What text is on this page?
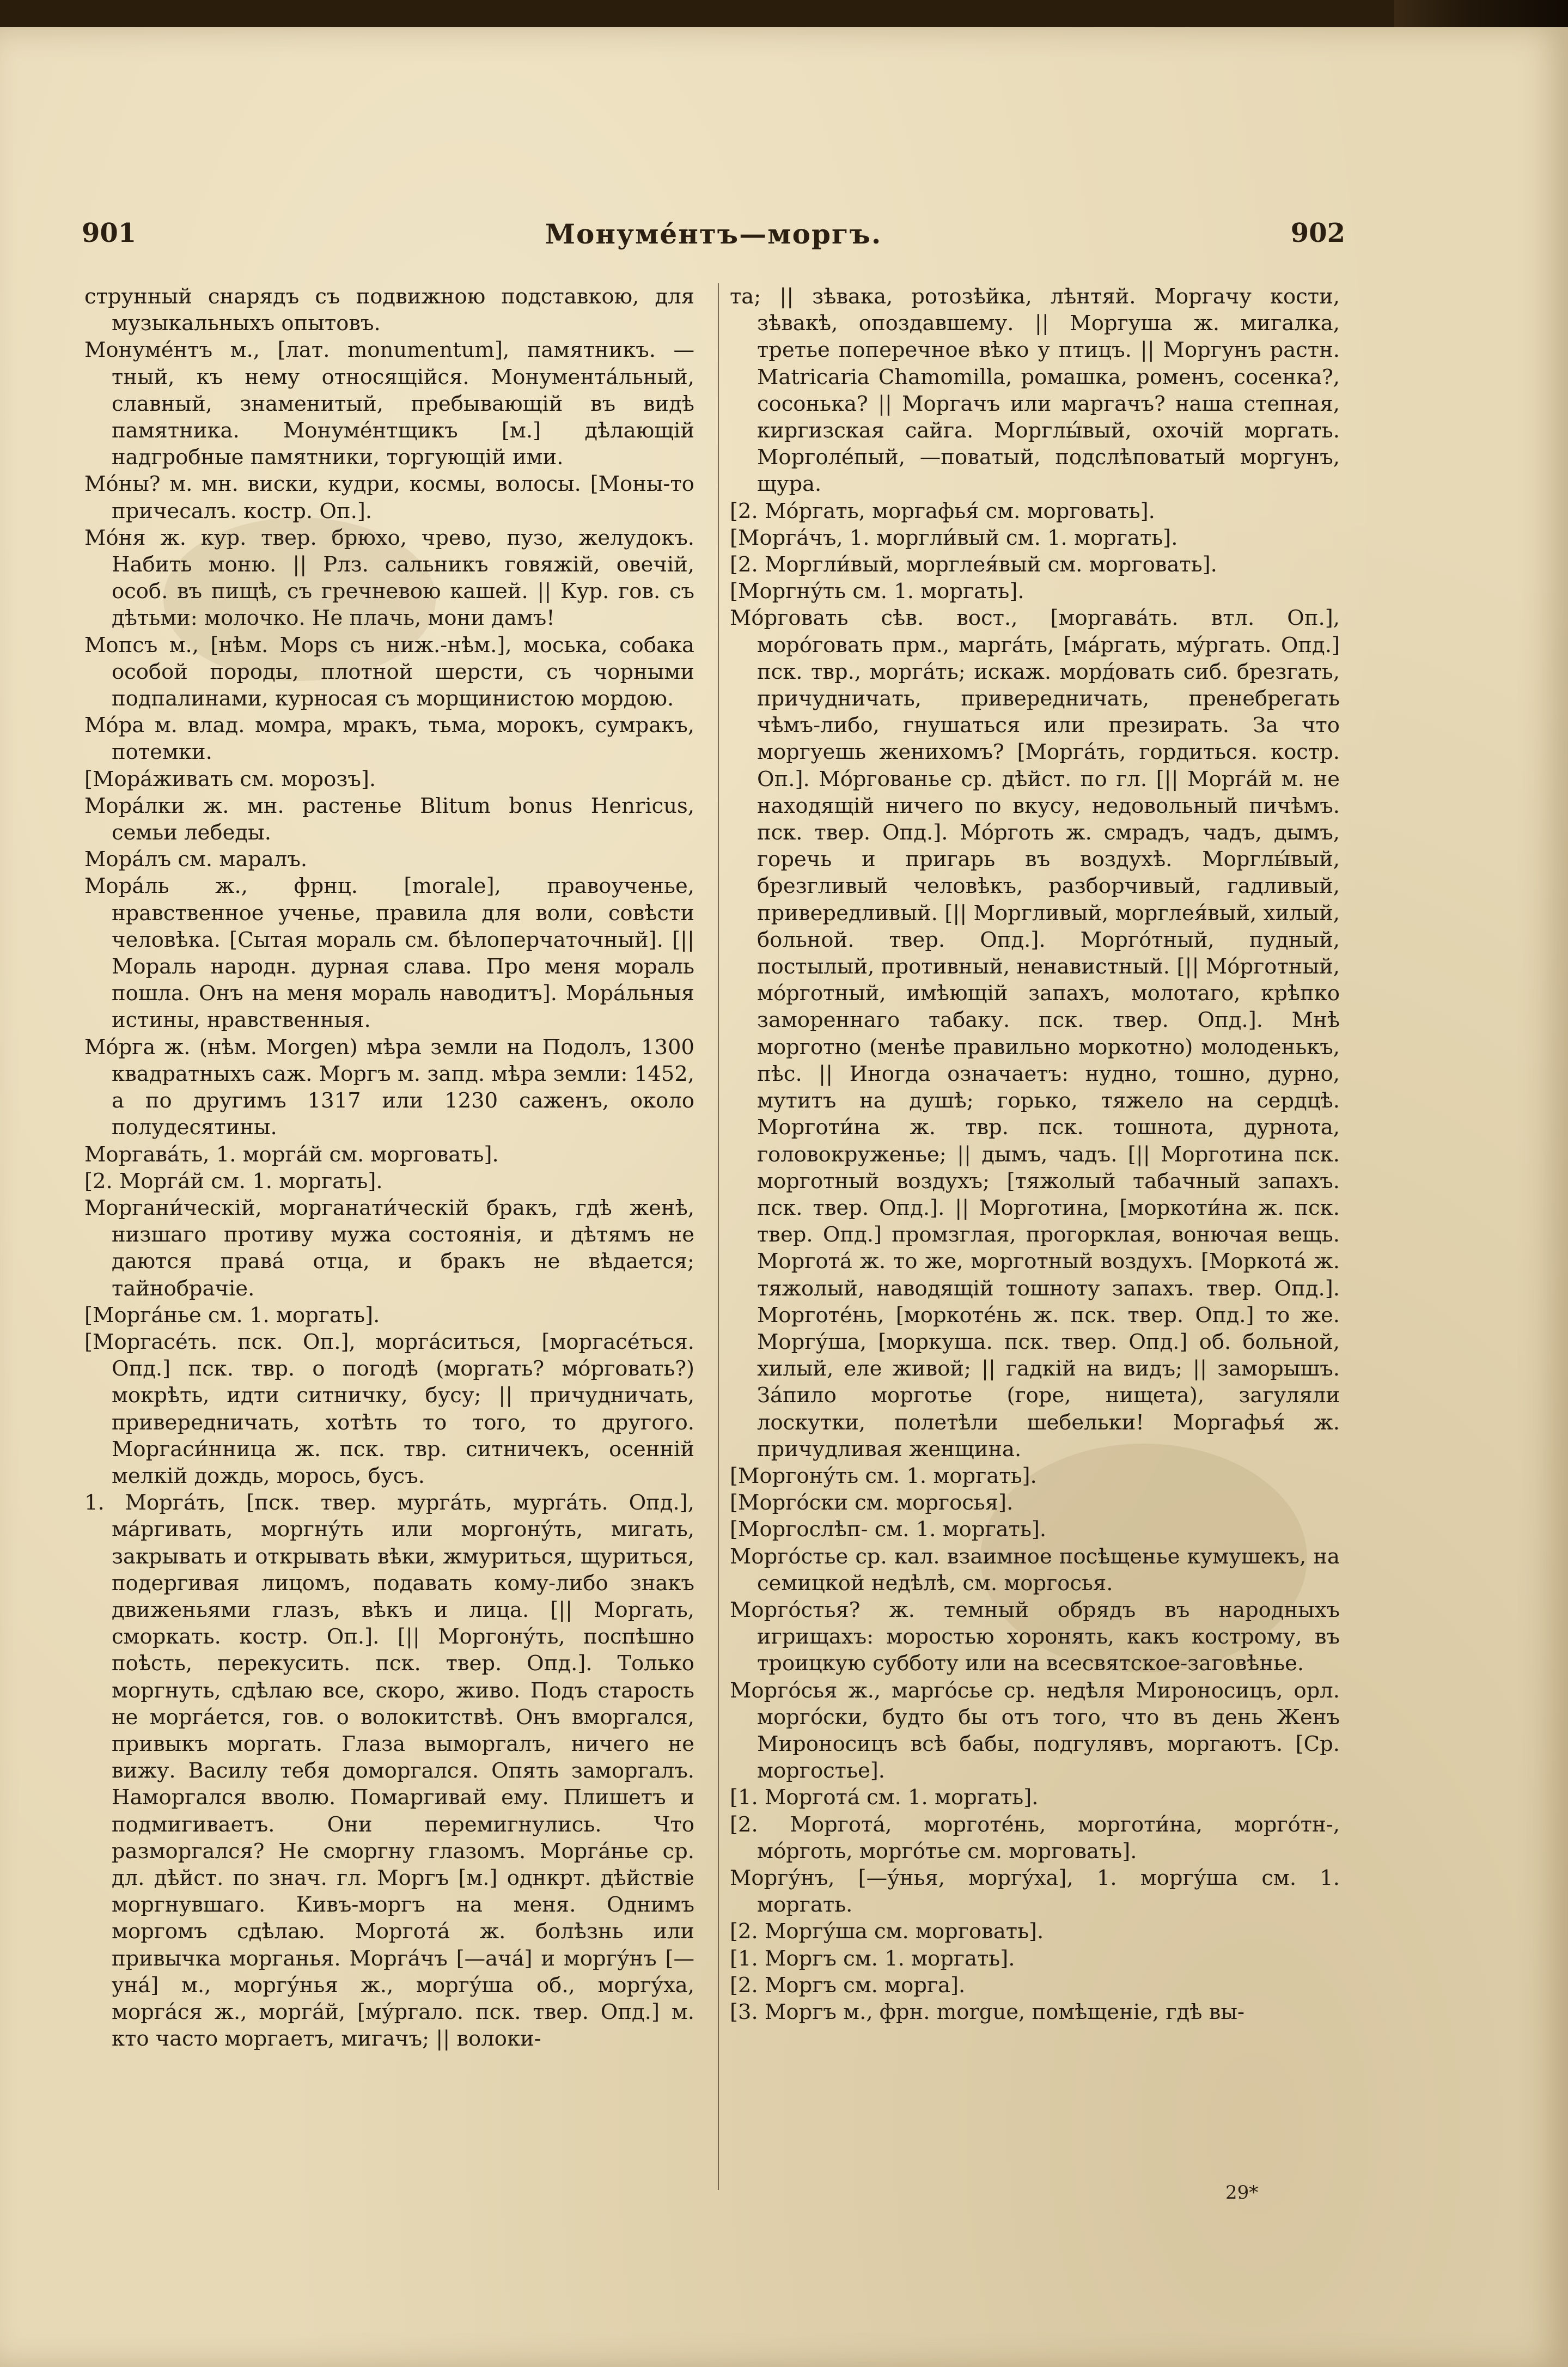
901	Монуме́нтъ—моргъ.	902

струнный снарядъ съ подвижною подставкою, для музыкальныхъ опытовъ.

Монуме́нтъ м., [лат. monumentum], памятникъ. —тный, къ нему относящійся. Монумента́льный, славный, знаменитый, пребывающій въ видѣ памятника. Монуме́нтщикъ [м.] дѣлающій надгробные памятники, торгующій ими.

Мо́ны? м. мн. виски, кудри, космы, волосы. [Моны-то причесалъ. костр. Оп.].

Мо́ня ж. кур. твер. брюхо, чрево, пузо, желудокъ. Набить моню. || Рлз. сальникъ говяжій, овечій, особ. въ пищѣ, съ гречневою кашей. || Кур. гов. съ дѣтьми: молочко. Не плачь, мони дамъ!

Мопсъ м., [нѣм. Mops съ ниж.-нѣм.], моська, собака особой породы, плотной шерсти, съ чорными подпалинами, курносая съ морщинистою мордою.

Мо́ра м. влад. момра, мракъ, тьма, морокъ, сумракъ, потемки.

[Мора́живать см. морозъ].

Мора́лки ж. мн. растенье Blitum bonus Henricus, семьи лебеды.

Мора́лъ см. маралъ.

Мора́ль ж., фрнц. [morale], правоученье, нравственное ученье, правила для воли, совѣсти человѣка. [Сытая мораль см. бѣлоперчаточный]. [|| Мораль народн. дурная слава. Про меня мораль пошла. Онъ на меня мораль наводитъ]. Мора́льныя истины, нравственныя.

Мо́рга ж. (нѣм. Morgen) мѣра земли на Подолъ, 1300 квадратныхъ саж. Моргъ м. запд. мѣра земли: 1452, а по другимъ 1317 или 1230 саженъ, около полудесятины.

Моргава́ть, 1. морга́й см. морговать].

[2. Морга́й см. 1. моргать].

Моргани́ческій, морганати́ческій бракъ, гдѣ женѣ, низшаго противу мужа состоянія, и дѣтямъ не даются права́ отца, и бракъ не вѣдается; тайнобрачіе.

[Морга́нье см. 1. моргать].

[Моргасе́ть. пск. Оп.], морга́ситься, [моргасе́ться. Опд.] пск. твр. о погодѣ (моргать? мо́рговать?) мокрѣть, идти ситничку, бусу; || причудничать, привередничать, хотѣть то того, то другого. Моргаси́нница ж. пск. твр. ситничекъ, осенній мелкій дождь, морось, бусъ.

1. Морга́ть, [пск. твер. мурга́ть, мурга́ть. Опд.], ма́ргивать, моргну́ть или моргону́ть, мигать, закрывать и открывать вѣки, жмуриться, щуриться, подергивая лицомъ, подавать кому-либо знакъ движеньями глазъ, вѣкъ и лица. [|| Моргать, сморкать. костр. Оп.]. [|| Моргону́ть, поспѣшно поѣсть, перекусить. пск. твер. Опд.]. Только моргнуть, сдѣлаю все, скоро, живо. Подъ старость не морга́ется, гов. о волокитствѣ. Онъ вморгался, привыкъ моргать. Глаза выморгалъ, ничего не вижу. Василу тебя доморгался. Опять заморгалъ. Наморгался вволю. Помаргивай ему. Плишетъ и подмигиваетъ. Они перемигнулись. Что разморгался? Не сморгну глазомъ. Морга́нье ср. дл. дѣйст. по знач. гл. Моргъ [м.] однкрт. дѣйствіе моргнувшаго. Кивъ-моргъ на меня. Однимъ моргомъ сдѣлаю. Моргота́ ж. болѣзнь или привычка морганья. Морга́чъ [—ача́] и моргу́нъ [—уна́] м., моргу́нья ж., моргу́ша об., моргу́ха, морга́ся ж., морга́й, [му́ргало. пск. твер. Опд.] м. кто часто моргаетъ, мигачъ; || волоки-

та; || зѣвака, ротозѣйка, лѣнтяй. Моргачу кости, зѣвакѣ, опоздавшему. || Моргуша ж. мигалка, третье поперечное вѣко у птицъ. || Моргунъ растн. Matricaria Chamomilla, ромашка, роменъ, сосенка?, сосонька? || Моргачъ или маргачъ? наша степная, киргизская сайга. Морглы́вый, охочій моргать. Морголе́пый, —поватый, подслѣповатый моргунъ, щура.

[2. Мо́ргать, моргафья́ см. морговать].

[Морга́чъ, 1. моргли́вый см. 1. моргать].

[2. Моргли́вый, морглея́вый см. морговать].

[Моргну́ть см. 1. моргать].

Мо́рговать сѣв. вост., [моргава́ть. втл. Оп.], моро́говать прм., марга́ть, [ма́ргать, му́ргать. Опд.] пск. твр., морга́ть; искаж. морд́овать сиб. брезгать, причудничать, привередничать, пренебрегать чѣмъ-либо, гнушаться или презирать. За что моргуешь женихомъ? [Морга́ть, гордиться. костр. Оп.]. Мо́ргованье ср. дѣйст. по гл. [|| Морга́й м. не находящій ничего по вкусу, недовольный пичѣмъ. пск. твер. Опд.]. Мо́рготь ж. смрадъ, чадъ, дымъ, горечь и пригарь въ воздухѣ. Морглы́вый, брезгливый человѣкъ, разборчивый, гадливый, привередливый. [|| Моргливый, морглея́вый, хилый, больной. твер. Опд.]. Морго́тный, пудный, постылый, противный, ненавистный. [|| Мо́рготный, мо́рготный, имѣющій запахъ, молотаго, крѣпко замореннаго табаку. пск. твер. Опд.]. Мнѣ морготно (менѣе правильно моркотно) молоденькъ, пѣс. || Иногда означаетъ: нудно, тошно, дурно, мутитъ на душѣ; горько, тяжело на сердцѣ. Морготи́на ж. твр. пск. тошнота, дурнота, головокруженье; || дымъ, чадъ. [|| Морготина пск. морготный воздухъ; [тяжолый табачный запахъ. пск. твер. Опд.]. || Морготина, [моркоти́на ж. пск. твер. Опд.] промзглая, прогорклая, вонючая вещь. Моргота́ ж. то же, морготный воздухъ. [Моркота́ ж. тяжолый, наводящій тошноту запахъ. твер. Опд.]. Морготе́нь, [моркоте́нь ж. пск. твер. Опд.] то же. Моргу́ша, [моркуша. пск. твер. Опд.] об. больной, хилый, еле живой; || гадкій на видъ; || заморышъ. Зáпило морготье (горе, нищета), загуляли лоскутки, полетѣли шебельки! Моргафья́ ж. причудливая женщина.

[Моргону́ть см. 1. моргать].

[Морго́ски см. моргосья].

[Моргослѣп- см. 1. моргать].

Морго́стье ср. кал. взаимное посѣщенье кумушекъ, на семицкой недѣлѣ, см. моргосья.

Морго́стья? ж. темный обрядъ въ народныхъ игрищахъ: моростью хоронять, какъ кострому, въ троицкую субботу или на всесвятское-заговѣнье.

Моргóсья ж., маргóсье ср. недѣля Мироносицъ, орл. моргóски, будто бы отъ того, что въ день Женъ Мироносицъ всѣ бабы, подгулявъ, моргаютъ. [Ср. моргостье].

[1. Моргота́ см. 1. моргать].

[2. Моргота́, морготе́нь, морготи́на, морго́тн-, мо́рготь, морго́тье см. морговать].

Моргу́нъ, [—у́нья, моргу́ха], 1. моргу́ша см. 1. моргать.

[2. Моргу́ша см. морговать].

[1. Моргъ см. 1. моргать].

[2. Моргъ см. морга].

[3. Моргъ м., фрн. morgue, помѣщеніе, гдѣ вы-

29*
